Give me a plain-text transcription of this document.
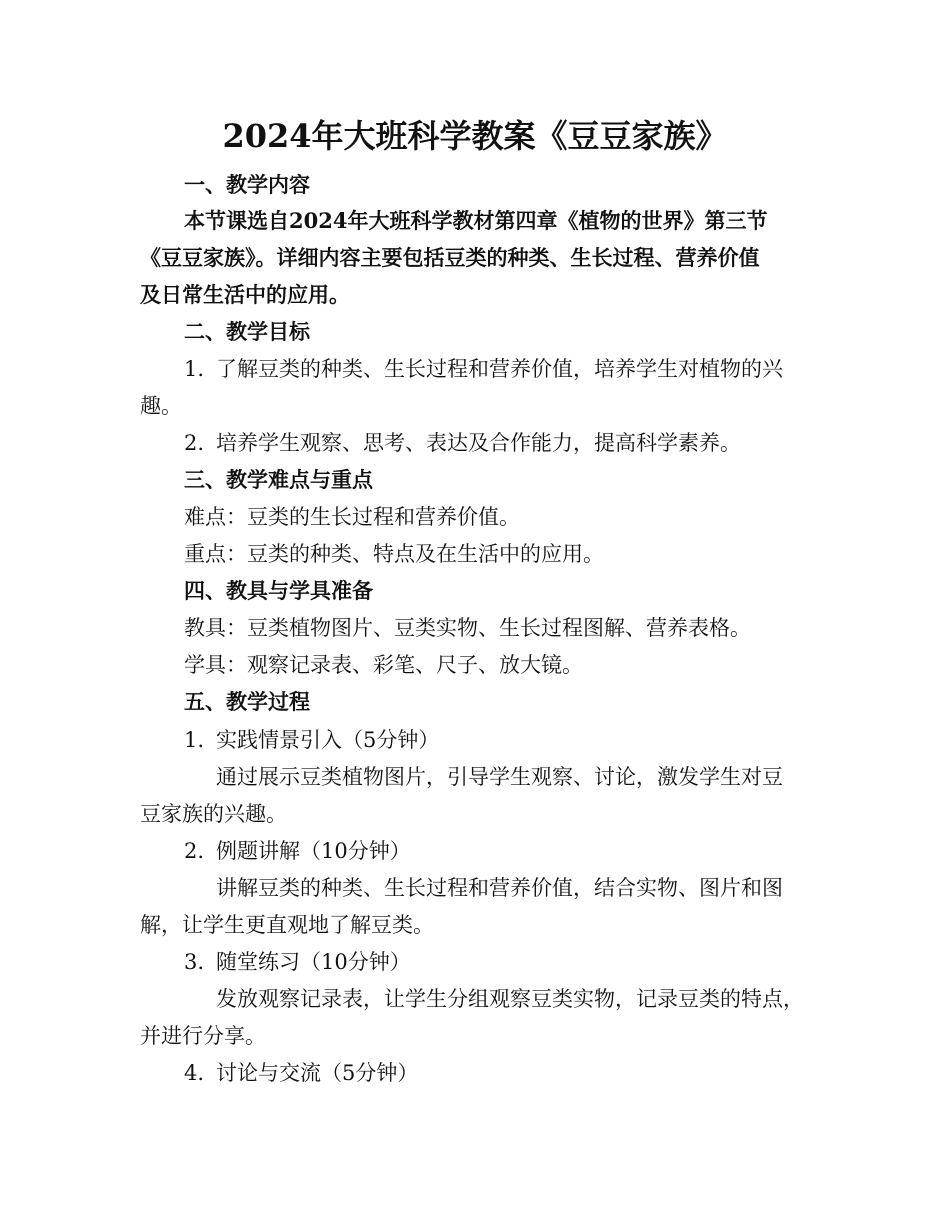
2024年大班科学教案《豆豆家族》
一、教学内容
本节课选自2024年大班科学教材第四章《植物的世界》第三节
《豆豆家族》。详细内容主要包括豆类的种类、生长过程、营养价值
及日常生活中的应用。
二、教学目标
1. 了解豆类的种类、生长过程和营养价值，培养学生对植物的兴
趣。
2. 培养学生观察、思考、表达及合作能力，提高科学素养。
三、教学难点与重点
难点：豆类的生长过程和营养价值。
重点：豆类的种类、特点及在生活中的应用。
四、教具与学具准备
教具：豆类植物图片、豆类实物、生长过程图解、营养表格。
学具：观察记录表、彩笔、尺子、放大镜。
五、教学过程
1. 实践情景引入（5分钟）
通过展示豆类植物图片，引导学生观察、讨论，激发学生对豆
豆家族的兴趣。
2. 例题讲解（10分钟）
讲解豆类的种类、生长过程和营养价值，结合实物、图片和图
解，让学生更直观地了解豆类。
3. 随堂练习（10分钟）
发放观察记录表，让学生分组观察豆类实物，记录豆类的特点，
并进行分享。
4. 讨论与交流（5分钟）
